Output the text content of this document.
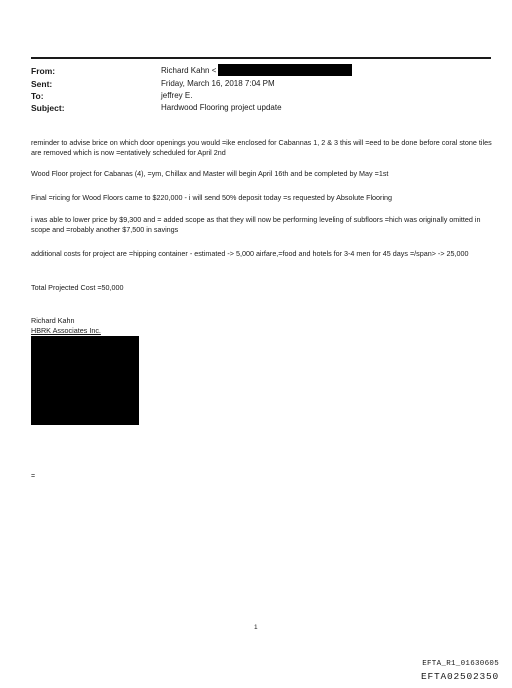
From:	Richard Kahn <
Sent:	Friday, March 16, 2018 7:04 PM
To:	jeffrey E.
Subject:	Hardwood Flooring project update
reminder to advise brice on which door openings you would =ike enclosed for Cabannas 1, 2 & 3 this will =eed to be done before coral stone tiles are removed which is now =entatively scheduled for April 2nd
Wood Floor project for Cabanas (4), =ym, Chillax and Master will begin April 16th and be completed by May =1st
Final =ricing for Wood Floors came to $220,000 - i will send 50% deposit today =s requested by Absolute Flooring
i was able to lower price by $9,300 and = added scope as that they will now be performing leveling of subfloors =hich was originally omitted in scope and =robably another $7,500 in savings
additional costs for project are =hipping container - estimated -> 5,000 airfare,=food and hotels for 3-4 men for 45 days =/span> -> 25,000
Total Projected Cost =50,000
Richard Kahn
HBRK Associates Inc.
=
1
EFTA_R1_01630605
EFTA02502350
